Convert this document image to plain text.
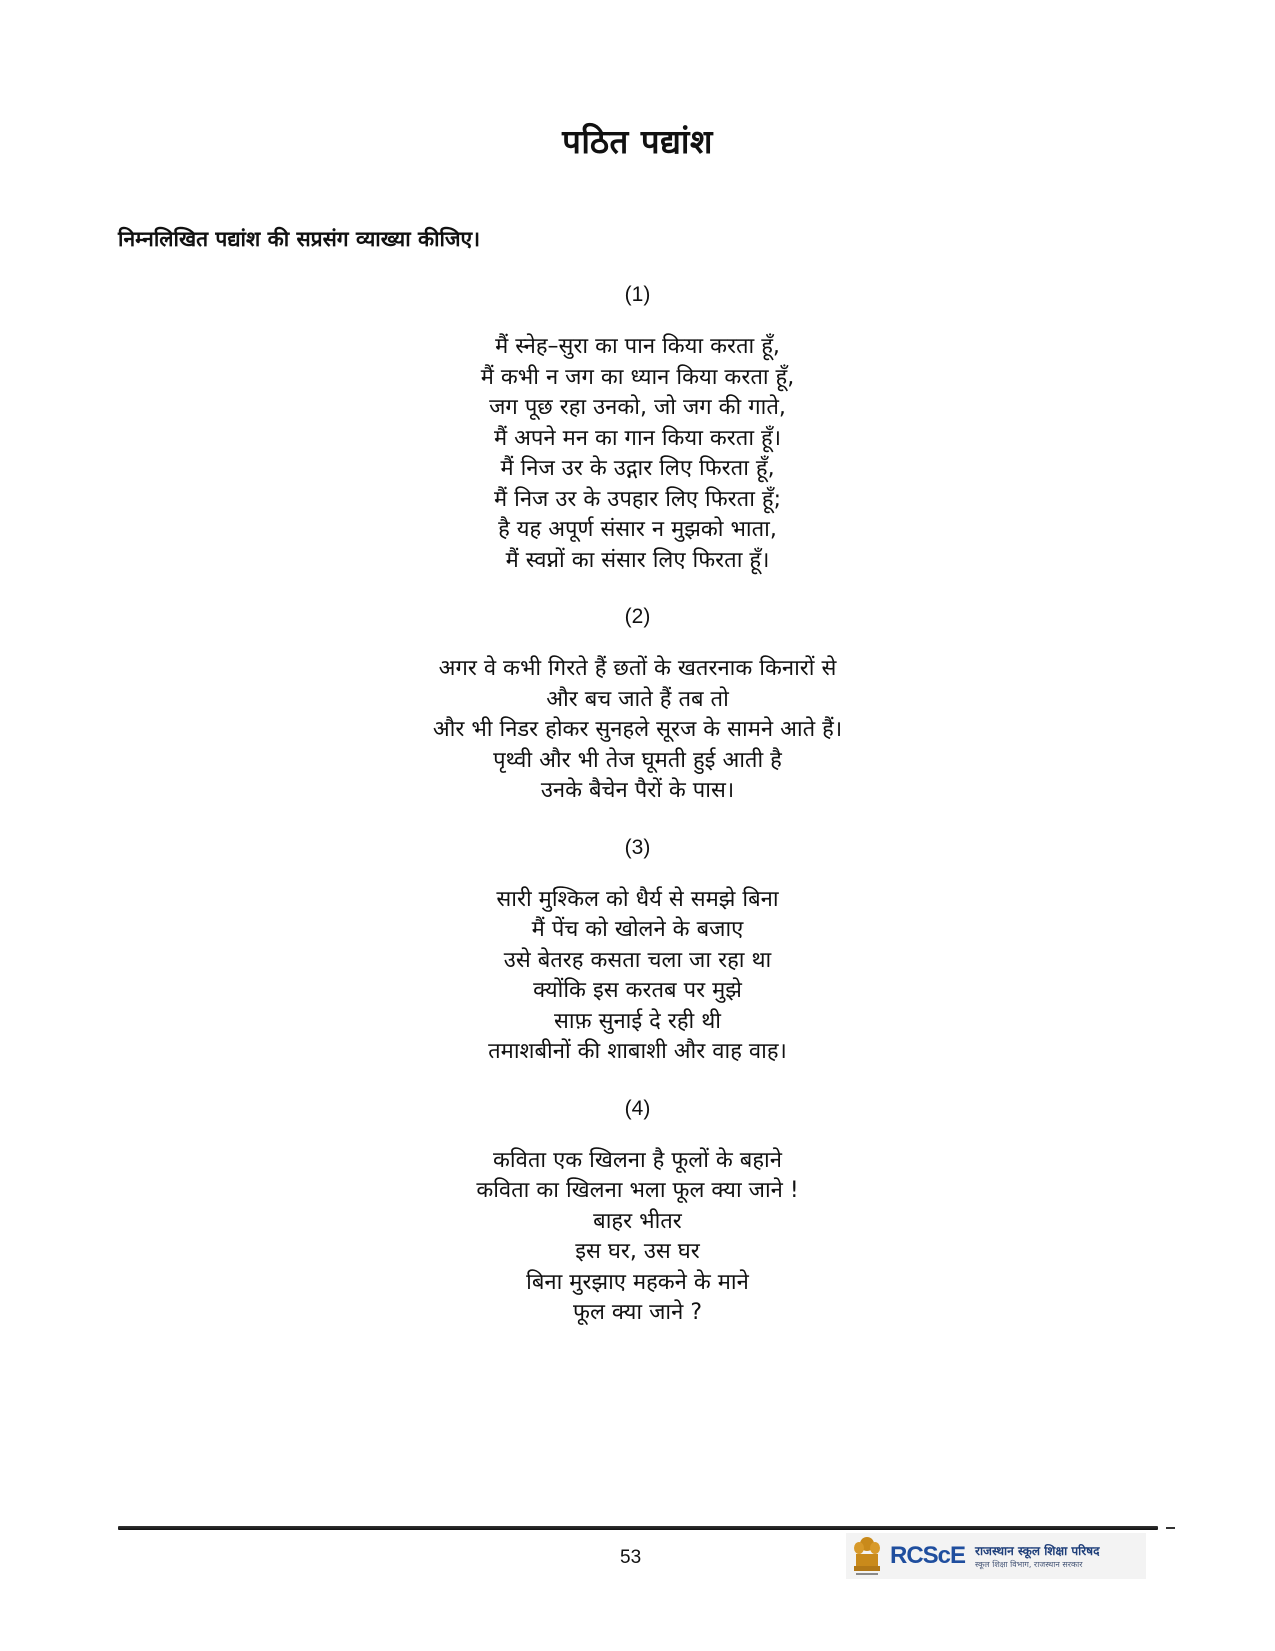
पठित पद्यांश
निम्नलिखित पद्यांश की सप्रसंग व्याख्या कीजिए।
(1)
मैं स्नेह–सुरा का पान किया करता हूँ,
मैं कभी न जग का ध्यान किया करता हूँ,
जग पूछ रहा उनको, जो जग की गाते,
मैं अपने मन का गान किया करता हूँ।
मैं निज उर के उद्गार लिए फिरता हूँ,
मैं निज उर के उपहार लिए फिरता हूँ;
है यह अपूर्ण संसार न मुझको भाता,
मैं स्वप्नों का संसार लिए फिरता हूँ।
(2)
अगर वे कभी गिरते हैं छतों के खतरनाक किनारों से
और बच जाते हैं तब तो
और भी निडर होकर सुनहले सूरज के सामने आते हैं।
पृथ्वी और भी तेज घूमती हुई आती है
उनके बैचेन पैरों के पास।
(3)
सारी मुश्किल को धैर्य से समझे बिना
मैं पेंच को खोलने के बजाए
उसे बेतरह कसता चला जा रहा था
क्योंकि इस करतब पर मुझे
साफ़ सुनाई दे रही थी
तमाशबीनों की शाबाशी और वाह वाह।
(4)
कविता एक खिलना है फूलों के बहाने
कविता का खिलना भला फूल क्या जाने !
बाहर भीतर
इस घर, उस घर
बिना मुरझाए महकने के माने
फूल क्या जाने ?
53	RCScE राजस्थान स्कूल शिक्षा परिषद
स्कूल शिक्षा विभाग, राजस्थान सरकार
